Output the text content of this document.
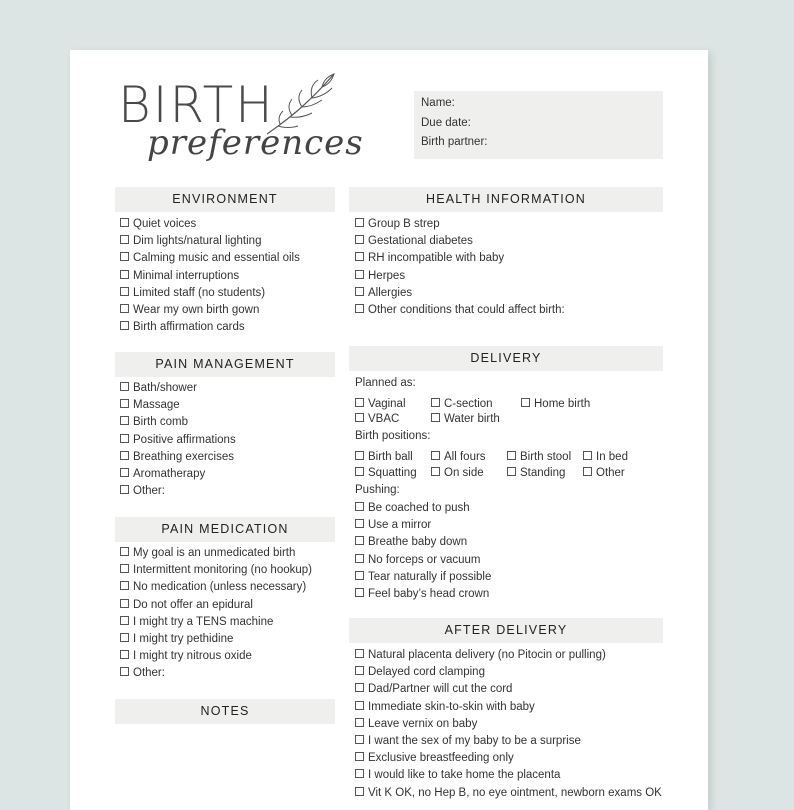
BIRTH
preferences
Name:
Due date:
Birth partner:
ENVIRONMENT
Quiet voices
Dim lights/natural lighting
Calming music and essential oils
Minimal interruptions
Limited staff (no students)
Wear my own birth gown
Birth affirmation cards
PAIN MANAGEMENT
Bath/shower
Massage
Birth comb
Positive affirmations
Breathing exercises
Aromatherapy
Other:
PAIN MEDICATION
My goal is an unmedicated birth
Intermittent monitoring (no hookup)
No medication (unless necessary)
Do not offer an epidural
I might try a TENS machine
I might try pethidine
I might try nitrous oxide
Other:
NOTES
HEALTH INFORMATION
Group B strep
Gestational diabetes
RH incompatible with baby
Herpes
Allergies
Other conditions that could affect birth:
DELIVERY
Planned as:
Vaginal	C-section	Home birth
VBAC	Water birth
Birth positions:
Birth ball	All fours	Birth stool	In bed
Squatting	On side	Standing	Other
Pushing:
Be coached to push
Use a mirror
Breathe baby down
No forceps or vacuum
Tear naturally if possible
Feel baby’s head crown
AFTER DELIVERY
Natural placenta delivery (no Pitocin or pulling)
Delayed cord clamping
Dad/Partner will cut the cord
Immediate skin-to-skin with baby
Leave vernix on baby
I want the sex of my baby to be a surprise
Exclusive breastfeeding only
I would like to take home the placenta
Vit K OK, no Hep B, no eye ointment, newborn exams OK
